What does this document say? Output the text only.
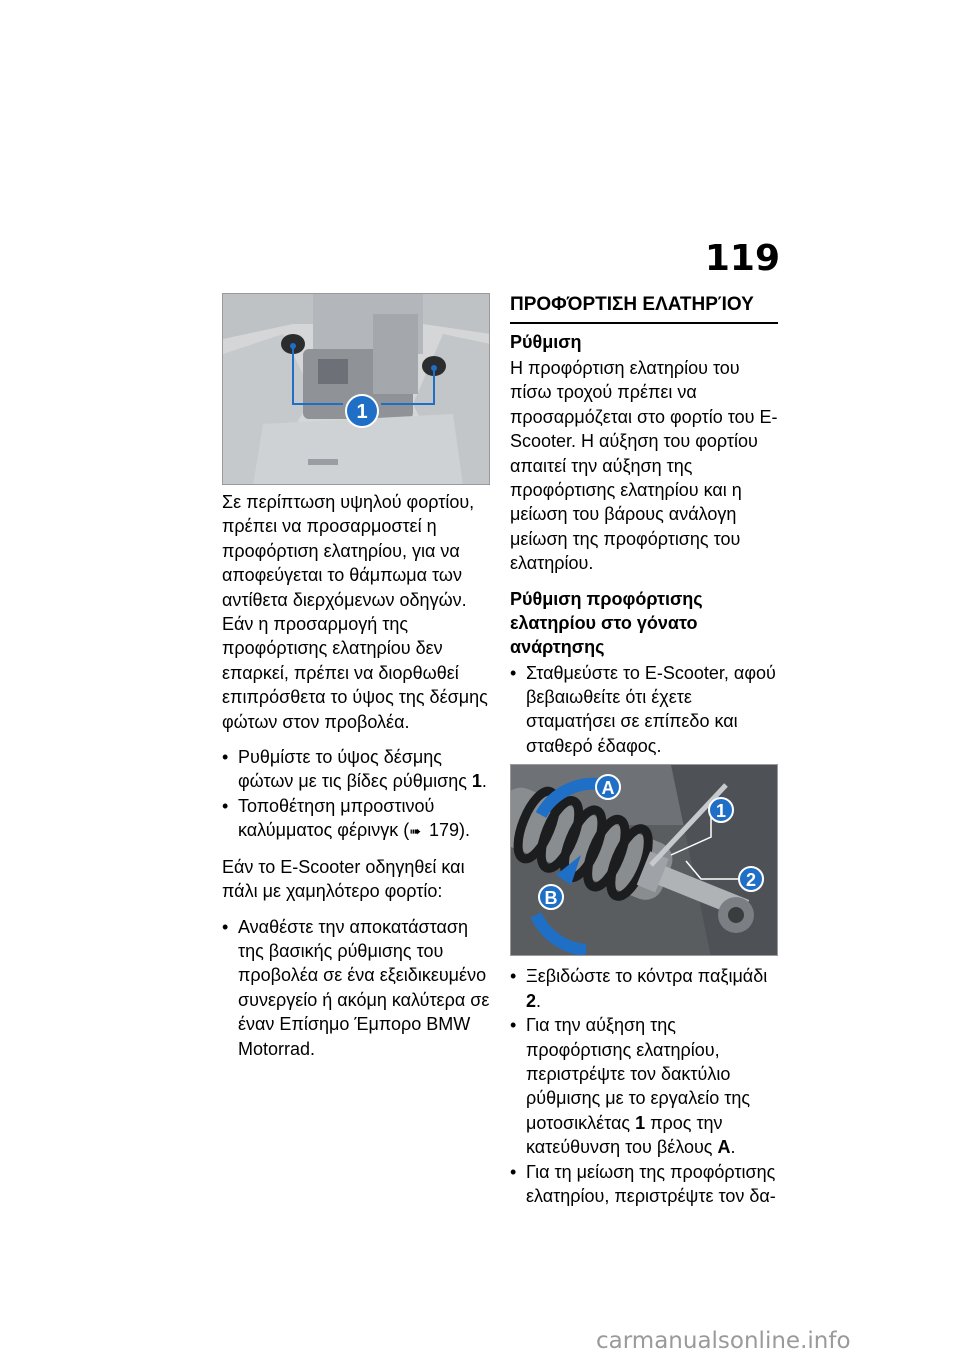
119
1

Σε περίπτωση υψηλού φορτίου, πρέπει να προσαρμοστεί η προφόρτιση ελατηρίου, για να αποφεύγεται το θάμπωμα των αντίθετα διερχόμενων οδηγών. Εάν η προσαρμογή της προφόρτισης ελατηρίου δεν επαρκεί, πρέπει να διορθωθεί επιπρόσθετα το ύψος της δέσμης φώτων στον προβολέα.

• Ρυθμίστε το ύψος δέσμης φώτων με τις βίδες ρύθμισης 1.
• Τοποθέτηση μπροστινού καλύμματος φέρινγκ (➠ 179).

Εάν το E-Scooter οδηγηθεί και πάλι με χαμηλότερο φορτίο:

• Αναθέστε την αποκατάσταση της βασικής ρύθμισης του προβολέα σε ένα εξειδικευμένο συνεργείο ή ακόμη καλύτερα σε έναν Επίσημο Έμπορο BMW Motorrad.
ΠΡΟΦΌΡΤΙΣΗ ΕΛΑΤΗΡΊΟΥ
Ρύθμιση

Η προφόρτιση ελατηρίου του πίσω τροχού πρέπει να προσαρμόζεται στο φορτίο του E-Scooter. Η αύξηση του φορτίου απαιτεί την αύξηση της προφόρτισης ελατηρίου και η μείωση του βάρους ανάλογη μείωση της προφόρτισης του ελατηρίου.

Ρύθμιση προφόρτισης ελατηρίου στο γόνατο ανάρτησης
• Σταθμεύστε το E-Scooter, αφού βεβαιωθείτε ότι έχετε σταματήσει σε επίπεδο και σταθερό έδαφος.
A
B
1
2
• Ξεβιδώστε το κόντρα παξιμάδι 2.
• Για την αύξηση της προφόρτισης ελατηρίου, περιστρέψτε τον δακτύλιο ρύθμισης με το εργαλείο της μοτοσικλέτας 1 προς την κατεύθυνση του βέλους A.
• Για τη μείωση της προφόρτισης ελατηρίου, περιστρέψτε τον δα-
carmanualsonline.info
